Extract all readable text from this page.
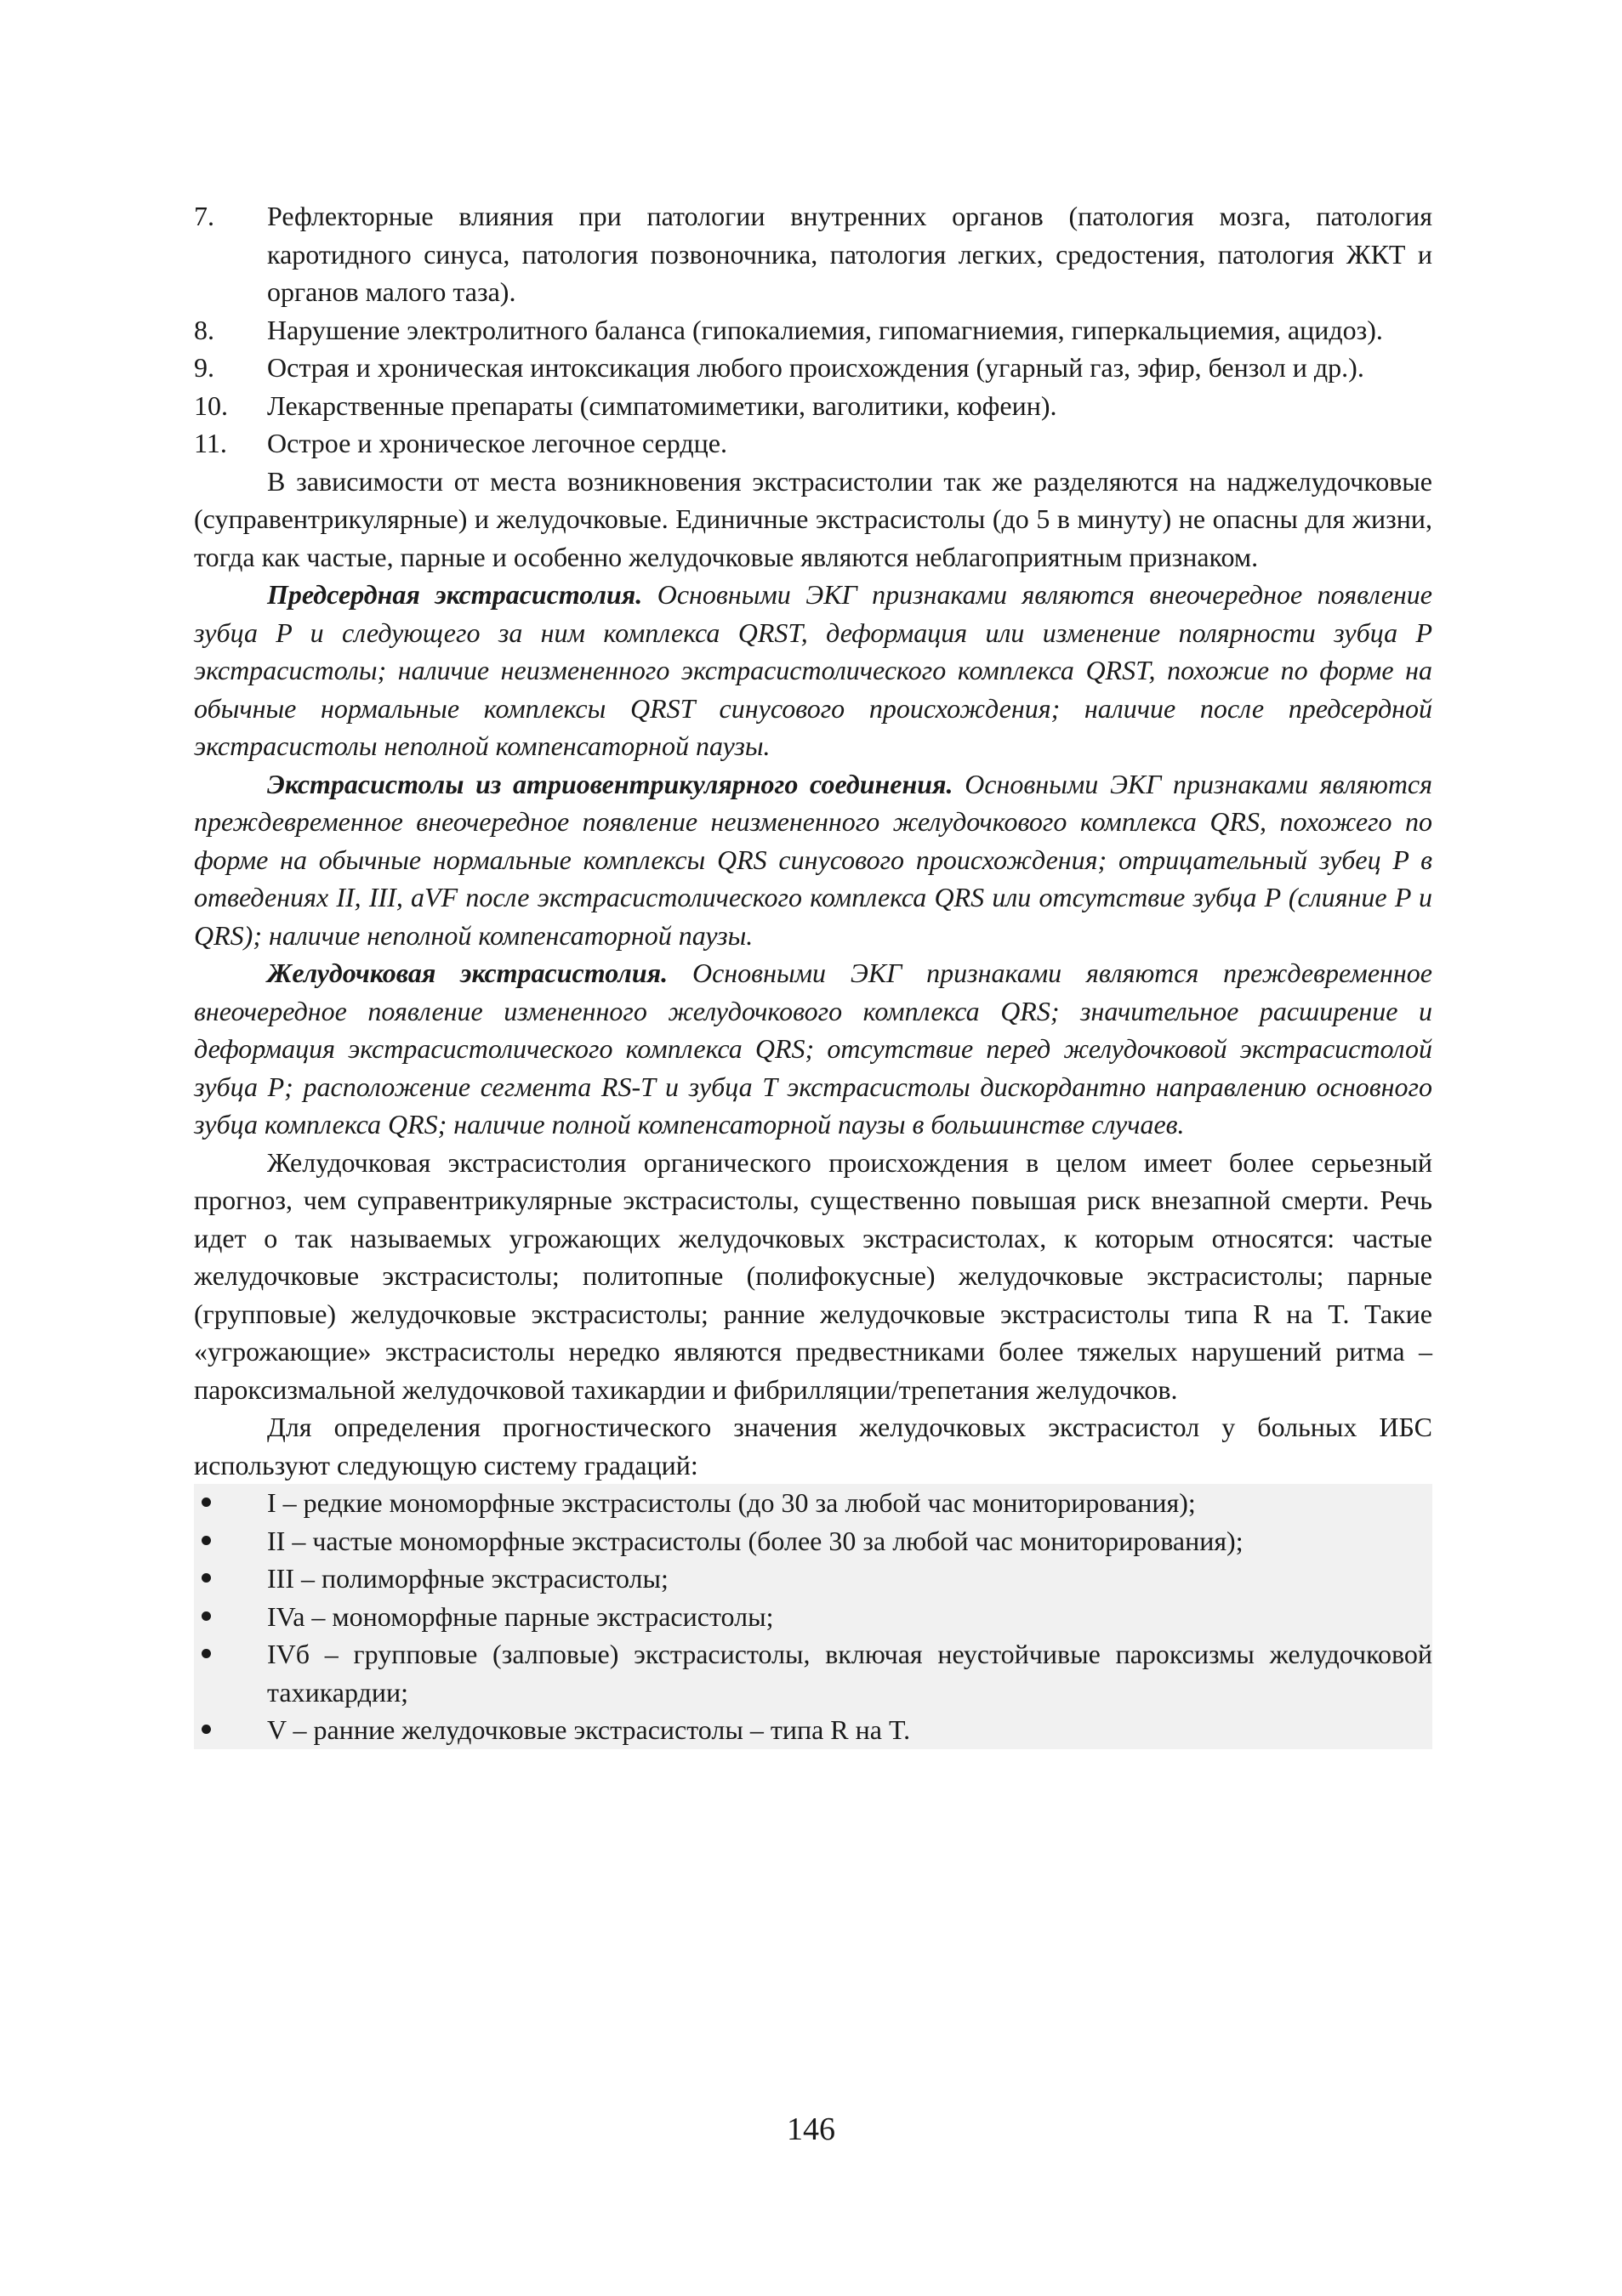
7. Рефлекторные влияния при патологии внутренних органов (патология мозга, патология каротидного синуса, патология позвоночника, патология легких, средостения, патология ЖКТ и органов малого таза).
8. Нарушение электролитного баланса (гипокалиемия, гипомагниемия, гиперкальциемия, ацидоз).
9. Острая и хроническая интоксикация любого происхождения (угарный газ, эфир, бензол и др.).
10. Лекарственные препараты (симпатомиметики, ваголитики, кофеин).
11. Острое и хроническое легочное сердце.

В зависимости от места возникновения экстрасистолии так же разделяются на наджелудочковые (суправентрикулярные) и желудочковые. Единичные экстрасистолы (до 5 в минуту) не опасны для жизни, тогда как частые, парные и особенно желудочковые являются неблагоприятным признаком.

Предсердная экстрасистолия. Основными ЭКГ признаками являются внеочередное появление зубца P и следующего за ним комплекса QRST, деформация или изменение полярности зубца P экстрасистолы; наличие неизмененного экстрасистолического комплекса QRST, похожие по форме на обычные нормальные комплексы QRST синусового происхождения; наличие после предсердной экстрасистолы неполной компенсаторной паузы.

Экстрасистолы из атриовентрикулярного соединения. Основными ЭКГ признаками являются преждевременное внеочередное появление неизмененного желудочкового комплекса QRS, похожего по форме на обычные нормальные комплексы QRS синусового происхождения; отрицательный зубец P в отведениях II, III, aVF после экстрасистолического комплекса QRS или отсутствие зубца P (слияние P и QRS); наличие неполной компенсаторной паузы.

Желудочковая экстрасистолия. Основными ЭКГ признаками являются преждевременное внеочередное появление измененного желудочкового комплекса QRS; значительное расширение и деформация экстрасистолического комплекса QRS; отсутствие перед желудочковой экстрасистолой зубца P; расположение сегмента RS-T и зубца T экстрасистолы дискордантно направлению основного зубца комплекса QRS; наличие полной компенсаторной паузы в большинстве случаев.

Желудочковая экстрасистолия органического происхождения в целом имеет более серьезный прогноз, чем суправентрикулярные экстрасистолы, существенно повышая риск внезапной смерти. Речь идет о так называемых угрожающих желудочковых экстрасистолах, к которым относятся: частые желудочковые экстрасистолы; политопные (полифокусные) желудочковые экстрасистолы; парные (групповые) желудочковые экстрасистолы; ранние желудочковые экстрасистолы типа R на T. Такие «угрожающие» экстрасистолы нередко являются предвестниками более тяжелых нарушений ритма – пароксизмальной желудочковой тахикардии и фибрилляции/трепетания желудочков.

Для определения прогностического значения желудочковых экстрасистол у больных ИБС используют следующую систему градаций:

I – редкие мономорфные экстрасистолы (до 30 за любой час мониторирования);
II – частые мономорфные экстрасистолы (более 30 за любой час мониторирования);
III – полиморфные экстрасистолы;
IVa – мономорфные парные экстрасистолы;
IVб – групповые (залповые) экстрасистолы, включая неустойчивые пароксизмы желудочковой тахикардии;
V – ранние желудочковые экстрасистолы – типа R на T.
146
